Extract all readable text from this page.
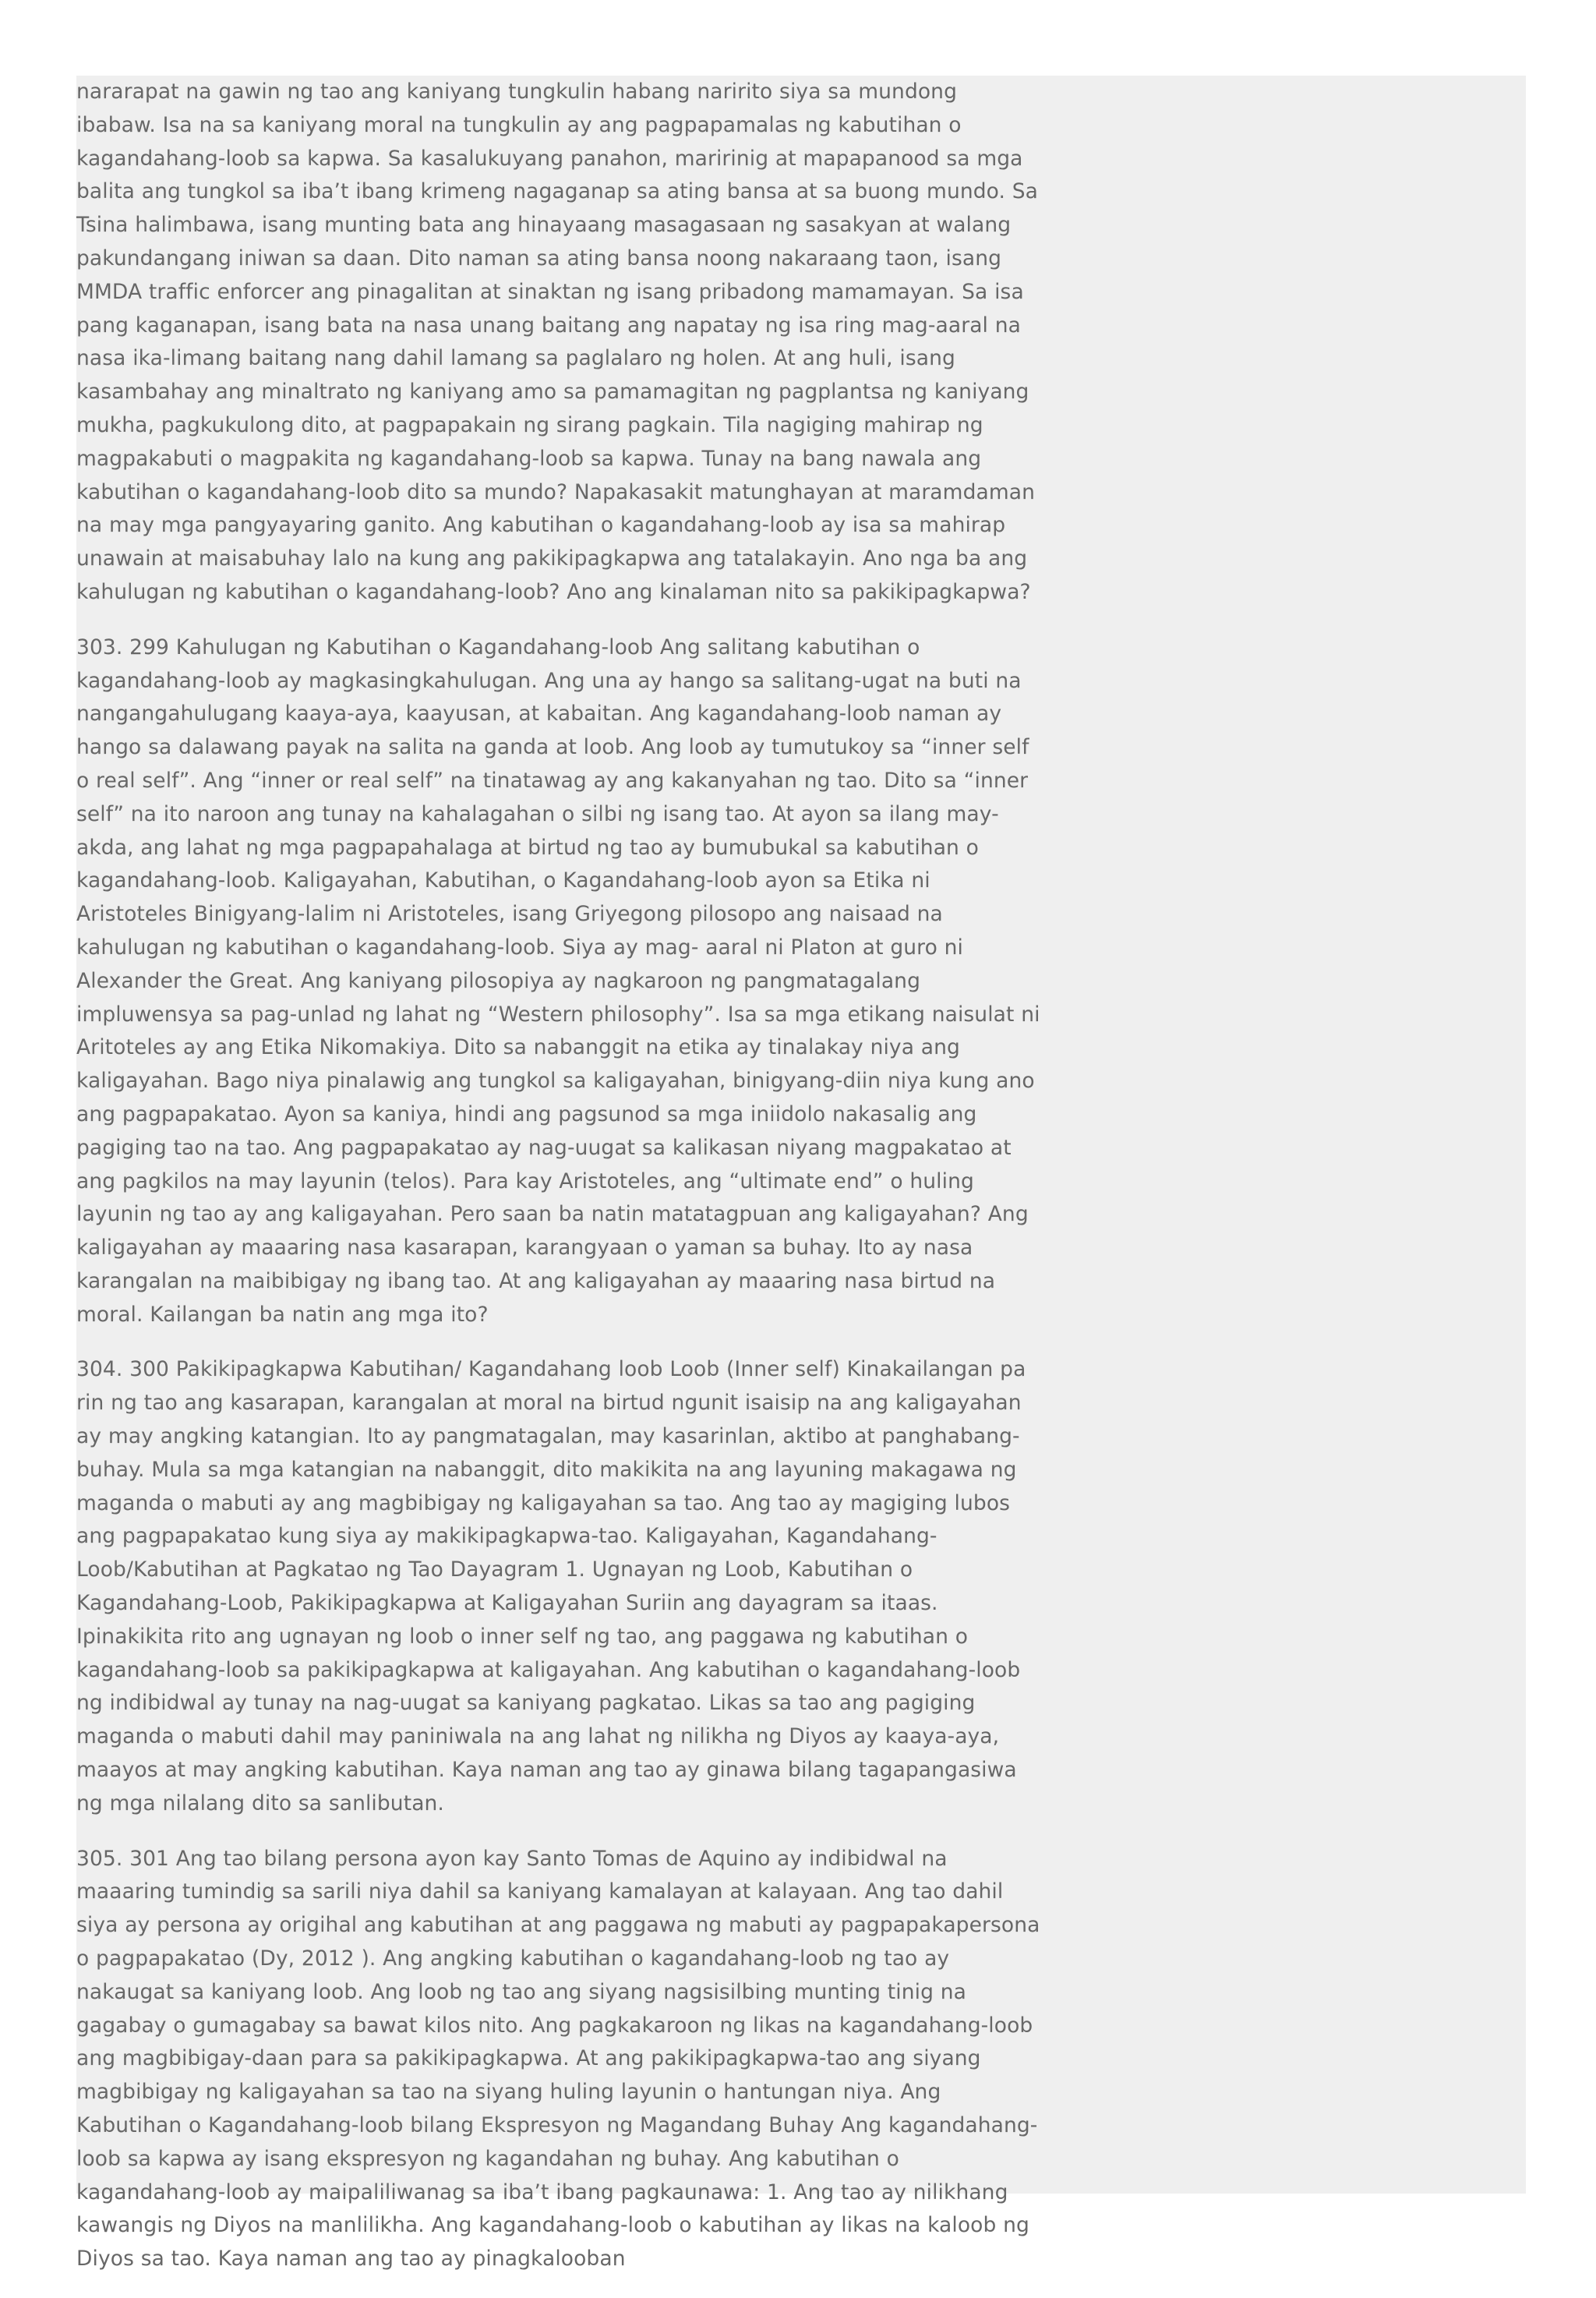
nararapat na gawin ng tao ang kaniyang tungkulin habang naririto siya sa mundong ibabaw. Isa na sa kaniyang moral na tungkulin ay ang pagpapamalas ng kabutihan o kagandahang-loob sa kapwa. Sa kasalukuyang panahon, maririnig at mapapanood sa mga balita ang tungkol sa iba’t ibang krimeng nagaganap sa ating bansa at sa buong mundo. Sa Tsina halimbawa, isang munting bata ang hinayaang masagasaan ng sasakyan at walang pakundangang iniwan sa daan. Dito naman sa ating bansa noong nakaraang taon, isang MMDA traffic enforcer ang pinagalitan at sinaktan ng isang pribadong mamamayan. Sa isa pang kaganapan, isang bata na nasa unang baitang ang napatay ng isa ring mag-aaral na nasa ika-limang baitang nang dahil lamang sa paglalaro ng holen. At ang huli, isang kasambahay ang minaltrato ng kaniyang amo sa pamamagitan ng pagplantsa ng kaniyang mukha, pagkukulong dito, at pagpapakain ng sirang pagkain. Tila nagiging mahirap ng magpakabuti o magpakita ng kagandahang-loob sa kapwa. Tunay na bang nawala ang kabutihan o kagandahang-loob dito sa mundo? Napakasakit matunghayan at maramdaman na may mga pangyayaring ganito. Ang kabutihan o kagandahang-loob ay isa sa mahirap unawain at maisabuhay lalo na kung ang pakikipagkapwa ang tatalakayin. Ano nga ba ang kahulugan ng kabutihan o kagandahang-loob? Ano ang kinalaman nito sa pakikipagkapwa?

303. 299 Kahulugan ng Kabutihan o Kagandahang-loob Ang salitang kabutihan o kagandahang-loob ay magkasingkahulugan. Ang una ay hango sa salitang-ugat na buti na nangangahulugang kaaya-aya, kaayusan, at kabaitan. Ang kagandahang-loob naman ay hango sa dalawang payak na salita na ganda at loob. Ang loob ay tumutukoy sa “inner self o real self”. Ang “inner or real self” na tinatawag ay ang kakanyahan ng tao. Dito sa “inner self” na ito naroon ang tunay na kahalagahan o silbi ng isang tao. At ayon sa ilang may-akda, ang lahat ng mga pagpapahalaga at birtud ng tao ay bumubukal sa kabutihan o kagandahang-loob. Kaligayahan, Kabutihan, o Kagandahang-loob ayon sa Etika ni Aristoteles Binigyang-lalim ni Aristoteles, isang Griyegong pilosopo ang naisaad na kahulugan ng kabutihan o kagandahang-loob. Siya ay mag- aaral ni Platon at guro ni Alexander the Great. Ang kaniyang pilosopiya ay nagkaroon ng pangmatagalang impluwensya sa pag-unlad ng lahat ng “Western philosophy”. Isa sa mga etikang naisulat ni Aritoteles ay ang Etika Nikomakiya. Dito sa nabanggit na etika ay tinalakay niya ang kaligayahan. Bago niya pinalawig ang tungkol sa kaligayahan, binigyang-diin niya kung ano ang pagpapakatao. Ayon sa kaniya, hindi ang pagsunod sa mga iniidolo nakasalig ang pagiging tao na tao. Ang pagpapakatao ay nag-uugat sa kalikasan niyang magpakatao at ang pagkilos na may layunin (telos). Para kay Aristoteles, ang “ultimate end” o huling layunin ng tao ay ang kaligayahan. Pero saan ba natin matatagpuan ang kaligayahan? Ang kaligayahan ay maaaring nasa kasarapan, karangyaan o yaman sa buhay. Ito ay nasa karangalan na maibibigay ng ibang tao. At ang kaligayahan ay maaaring nasa birtud na moral. Kailangan ba natin ang mga ito?

304. 300 Pakikipagkapwa Kabutihan/ Kagandahang loob Loob (Inner self) Kinakailangan pa rin ng tao ang kasarapan, karangalan at moral na birtud ngunit isaisip na ang kaligayahan ay may angking katangian. Ito ay pangmatagalan, may kasarinlan, aktibo at panghabang-buhay. Mula sa mga katangian na nabanggit, dito makikita na ang layuning makagawa ng maganda o mabuti ay ang magbibigay ng kaligayahan sa tao. Ang tao ay magiging lubos ang pagpapakatao kung siya ay makikipagkapwa-tao. Kaligayahan, Kagandahang-Loob/Kabutihan at Pagkatao ng Tao Dayagram 1. Ugnayan ng Loob, Kabutihan o Kagandahang-Loob, Pakikipagkapwa at Kaligayahan Suriin ang dayagram sa itaas. Ipinakikita rito ang ugnayan ng loob o inner self ng tao, ang paggawa ng kabutihan o kagandahang-loob sa pakikipagkapwa at kaligayahan. Ang kabutihan o kagandahang-loob ng indibidwal ay tunay na nag-uugat sa kaniyang pagkatao. Likas sa tao ang pagiging maganda o mabuti dahil may paniniwala na ang lahat ng nilikha ng Diyos ay kaaya-aya, maayos at may angking kabutihan. Kaya naman ang tao ay ginawa bilang tagapangasiwa ng mga nilalang dito sa sanlibutan.

305. 301 Ang tao bilang persona ayon kay Santo Tomas de Aquino ay indibidwal na maaaring tumindig sa sarili niya dahil sa kaniyang kamalayan at kalayaan. Ang tao dahil siya ay persona ay origihal ang kabutihan at ang paggawa ng mabuti ay pagpapakapersona o pagpapakatao (Dy, 2012 ). Ang angking kabutihan o kagandahang-loob ng tao ay nakaugat sa kaniyang loob. Ang loob ng tao ang siyang nagsisilbing munting tinig na gagabay o gumagabay sa bawat kilos nito. Ang pagkakaroon ng likas na kagandahang-loob ang magbibigay-daan para sa pakikipagkapwa. At ang pakikipagkapwa-tao ang siyang magbibigay ng kaligayahan sa tao na siyang huling layunin o hantungan niya. Ang Kabutihan o Kagandahang-loob bilang Ekspresyon ng Magandang Buhay Ang kagandahang-loob sa kapwa ay isang ekspresyon ng kagandahan ng buhay. Ang kabutihan o kagandahang-loob ay maipaliliwanag sa iba’t ibang pagkaunawa: 1. Ang tao ay nilikhang kawangis ng Diyos na manlilikha. Ang kagandahang-loob o kabutihan ay likas na kaloob ng Diyos sa tao. Kaya naman ang tao ay pinagkalooban
